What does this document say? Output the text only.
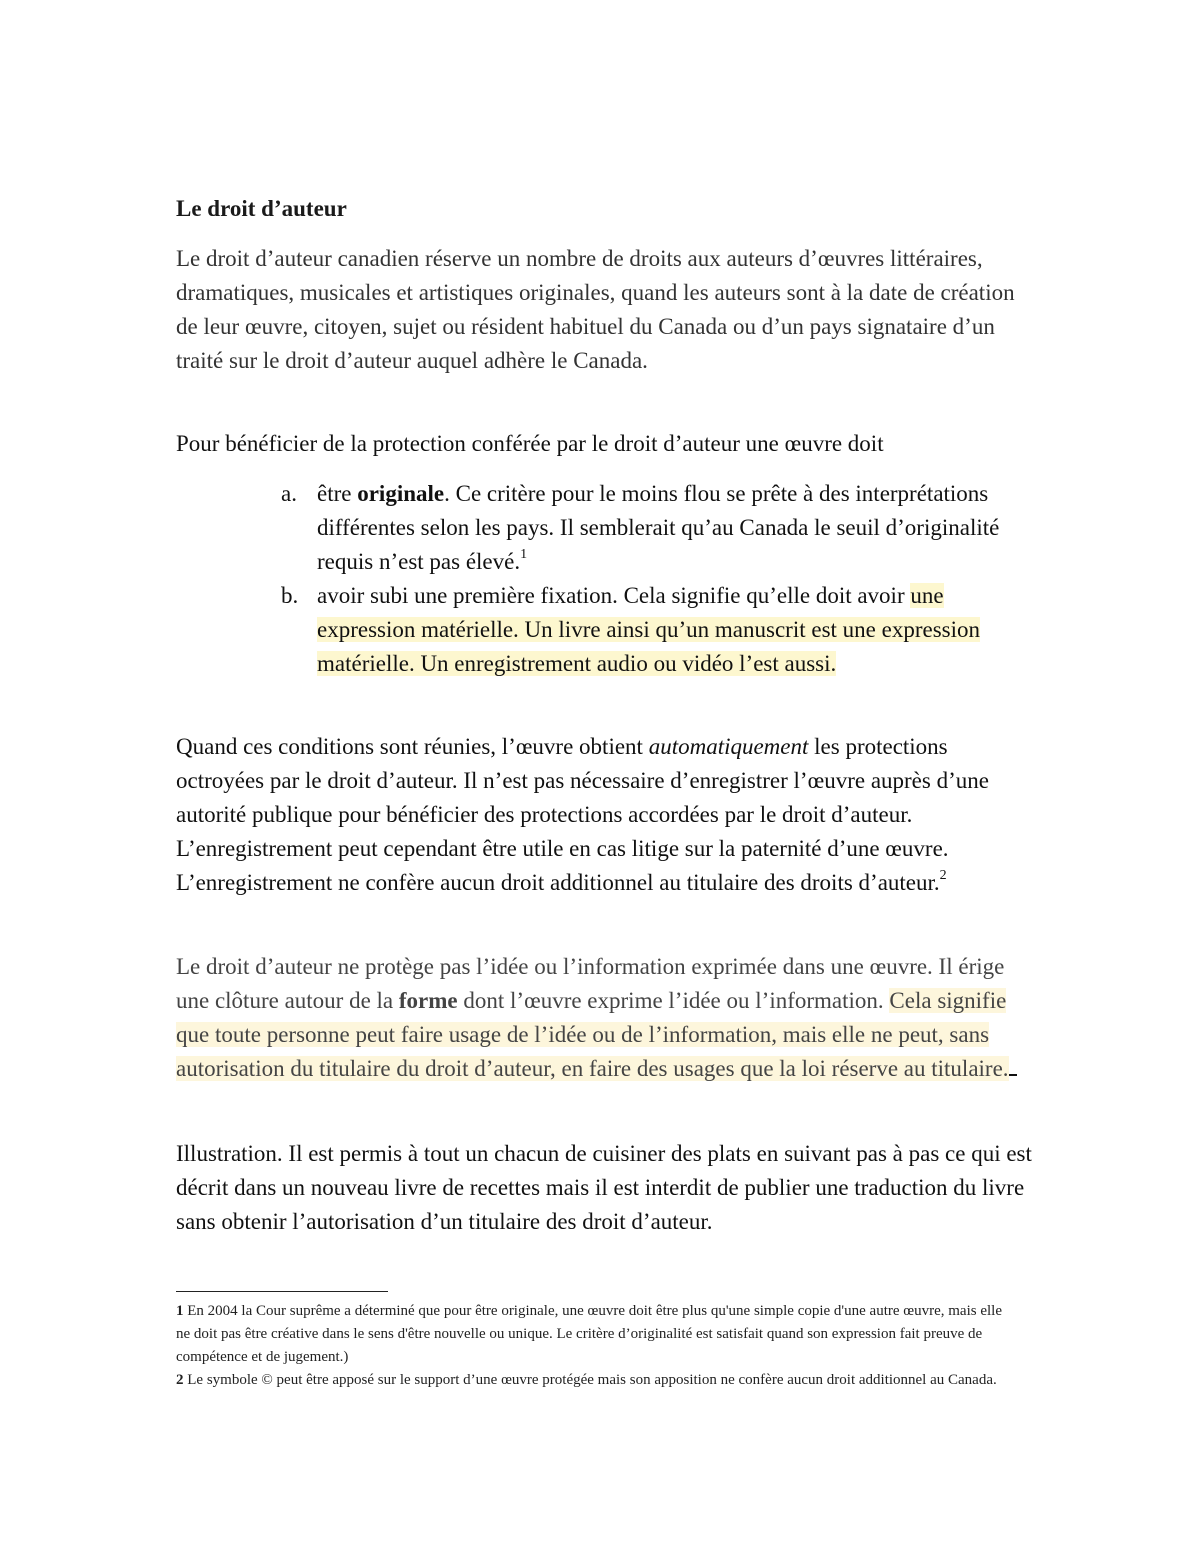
Le droit d’auteur
Le droit d’auteur canadien réserve un nombre de droits aux auteurs d’œuvres littéraires, dramatiques, musicales et artistiques originales, quand les auteurs sont à la date de création de leur œuvre, citoyen, sujet ou résident habituel du Canada ou d’un pays signataire d’un traité sur le droit d’auteur auquel adhère le Canada.
Pour bénéficier de la protection conférée par le droit d’auteur une œuvre doit
a. être originale. Ce critère pour le moins flou se prête à des interprétations différentes selon les pays. Il semblerait qu’au Canada le seuil d’originalité requis n’est pas élevé.$^1$
b. avoir subi une première fixation. Cela signifie qu’elle doit avoir une expression matérielle. Un livre ainsi qu’un manuscrit est une expression matérielle. Un enregistrement audio ou vidéo l’est aussi.
Quand ces conditions sont réunies, l’œuvre obtient automatiquement les protections octroyées par le droit d’auteur. Il n’est pas nécessaire d’enregistrer l’œuvre auprès d’une autorité publique pour bénéficier des protections accordées par le droit d’auteur. L’enregistrement peut cependant être utile en cas litige sur la paternité d’une œuvre. L’enregistrement ne confère aucun droit additionnel au titulaire des droits d’auteur.$^2$
Le droit d’auteur ne protège pas l’idée ou l’information exprimée dans une œuvre. Il érige une clôture autour de la forme dont l’œuvre exprime l’idée ou l’information. Cela signifie que toute personne peut faire usage de l’idée ou de l’information, mais elle ne peut, sans autorisation du titulaire du droit d’auteur, en faire des usages que la loi réserve au titulaire.
Illustration. Il est permis à tout un chacun de cuisiner des plats en suivant pas à pas ce qui est décrit dans un nouveau livre de recettes mais il est interdit de publier une traduction du livre sans obtenir l’autorisation d’un titulaire des droit d’auteur.
1 En 2004 la Cour suprême a déterminé que pour être originale, une œuvre doit être plus qu'une simple copie d'une autre œuvre, mais elle ne doit pas être créative dans le sens d'être nouvelle ou unique. Le critère d’originalité est satisfait quand son expression fait preuve de compétence et de jugement.)
2 Le symbole © peut être apposé sur le support d’une œuvre protégée mais son apposition ne confère aucun droit additionnel au Canada.
